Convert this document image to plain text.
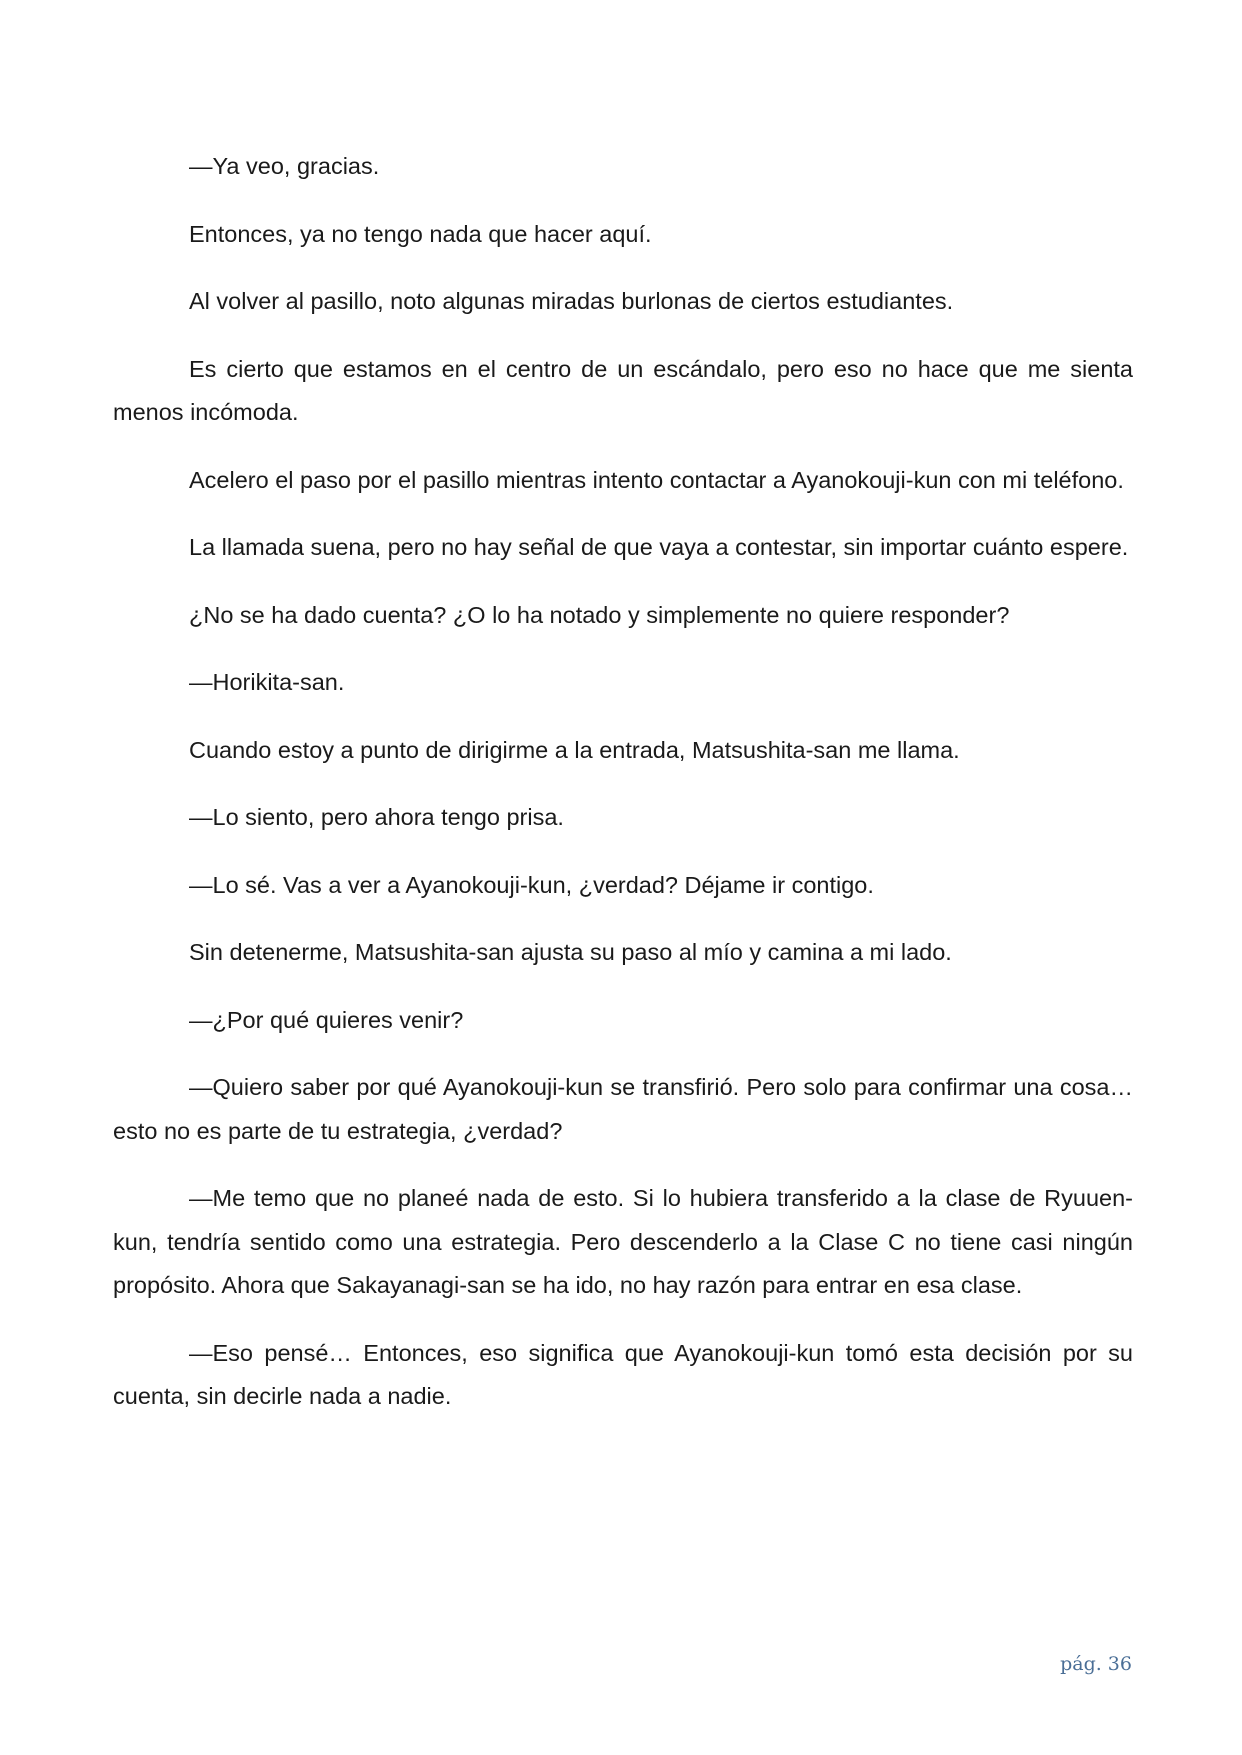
—Ya veo, gracias.

Entonces, ya no tengo nada que hacer aquí.

Al volver al pasillo, noto algunas miradas burlonas de ciertos estudiantes.

Es cierto que estamos en el centro de un escándalo, pero eso no hace que me sienta menos incómoda.

Acelero el paso por el pasillo mientras intento contactar a Ayanokouji-kun con mi teléfono.

La llamada suena, pero no hay señal de que vaya a contestar, sin importar cuánto espere.

¿No se ha dado cuenta? ¿O lo ha notado y simplemente no quiere responder?

—Horikita-san.

Cuando estoy a punto de dirigirme a la entrada, Matsushita-san me llama.

—Lo siento, pero ahora tengo prisa.

—Lo sé. Vas a ver a Ayanokouji-kun, ¿verdad? Déjame ir contigo.

Sin detenerme, Matsushita-san ajusta su paso al mío y camina a mi lado.

—¿Por qué quieres venir?

—Quiero saber por qué Ayanokouji-kun se transfirió. Pero solo para confirmar una cosa… esto no es parte de tu estrategia, ¿verdad?

—Me temo que no planeé nada de esto. Si lo hubiera transferido a la clase de Ryuuen-kun, tendría sentido como una estrategia. Pero descenderlo a la Clase C no tiene casi ningún propósito. Ahora que Sakayanagi-san se ha ido, no hay razón para entrar en esa clase.

—Eso pensé… Entonces, eso significa que Ayanokouji-kun tomó esta decisión por su cuenta, sin decirle nada a nadie.

pág. 36
